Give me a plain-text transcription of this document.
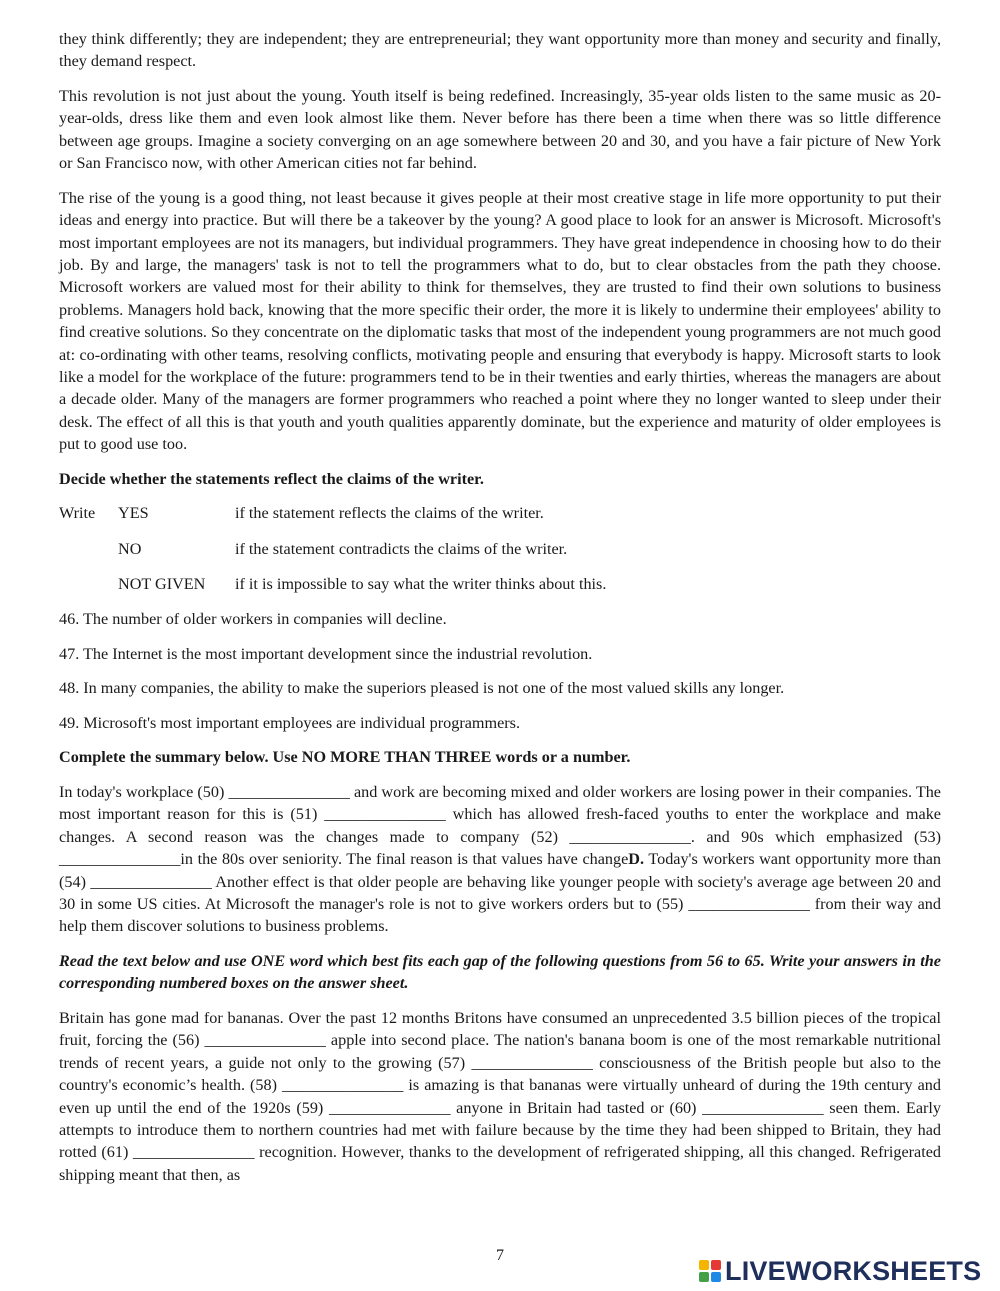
they think differently; they are independent; they are entrepreneurial; they want opportunity more than money and security and finally, they demand respect.

This revolution is not just about the young. Youth itself is being redefined. Increasingly, 35-year olds listen to the same music as 20-year-olds, dress like them and even look almost like them. Never before has there been a time when there was so little difference between age groups. Imagine a society converging on an age somewhere between 20 and 30, and you have a fair picture of New York or San Francisco now, with other American cities not far behind.

The rise of the young is a good thing, not least because it gives people at their most creative stage in life more opportunity to put their ideas and energy into practice. But will there be a takeover by the young? A good place to look for an answer is Microsoft. Microsoft's most important employees are not its managers, but individual programmers. They have great independence in choosing how to do their job. By and large, the managers' task is not to tell the programmers what to do, but to clear obstacles from the path they choose. Microsoft workers are valued most for their ability to think for themselves, they are trusted to find their own solutions to business problems. Managers hold back, knowing that the more specific their order, the more it is likely to undermine their employees' ability to find creative solutions. So they concentrate on the diplomatic tasks that most of the independent young programmers are not much good at: co-ordinating with other teams, resolving conflicts, motivating people and ensuring that everybody is happy. Microsoft starts to look like a model for the workplace of the future: programmers tend to be in their twenties and early thirties, whereas the managers are about a decade older. Many of the managers are former programmers who reached a point where they no longer wanted to sleep under their desk. The effect of all this is that youth and youth qualities apparently dominate, but the experience and maturity of older employees is put to good use too.

Decide whether the statements reflect the claims of the writer.

Write YES	if the statement reflects the claims of the writer.
NO	if the statement contradicts the claims of the writer.
NOT GIVEN if it is impossible to say what the writer thinks about this.

46. The number of older workers in companies will decline.

47. The Internet is the most important development since the industrial revolution.

48. In many companies, the ability to make the superiors pleased is not one of the most valued skills any longer.

49. Microsoft's most important employees are individual programmers.

Complete the summary below. Use NO MORE THAN THREE words or a number.

In today's workplace (50) _______________ and work are becoming mixed and older workers are losing power in their companies. The most important reason for this is (51) _______________ which has allowed fresh-faced youths to enter the workplace and make changes. A second reason was the changes made to company (52) _______________. and 90s which emphasized (53) _______________in the 80s over seniority. The final reason is that values have changeD. Today's workers want opportunity more than (54) _______________ Another effect is that older people are behaving like younger people with society's average age between 20 and 30 in some US cities. At Microsoft the manager's role is not to give workers orders but to (55) _______________ from their way and help them discover solutions to business problems.

Read the text below and use ONE word which best fits each gap of the following questions from 56 to 65. Write your answers in the corresponding numbered boxes on the answer sheet.

Britain has gone mad for bananas. Over the past 12 months Britons have consumed an unprecedented 3.5 billion pieces of the tropical fruit, forcing the (56) _______________ apple into second place. The nation's banana boom is one of the most remarkable nutritional trends of recent years, a guide not only to the growing (57) _______________ consciousness of the British people but also to the country's economic’s health. (58) _______________ is amazing is that bananas were virtually unheard of during the 19th century and even up until the end of the 1920s (59) _______________ anyone in Britain had tasted or (60) _______________ seen them. Early attempts to introduce them to northern countries had met with failure because by the time they had been shipped to Britain, they had rotted (61) _______________ recognition. However, thanks to the development of refrigerated shipping, all this changed. Refrigerated shipping meant that then, as

7	LIVEWORKSHEETS
